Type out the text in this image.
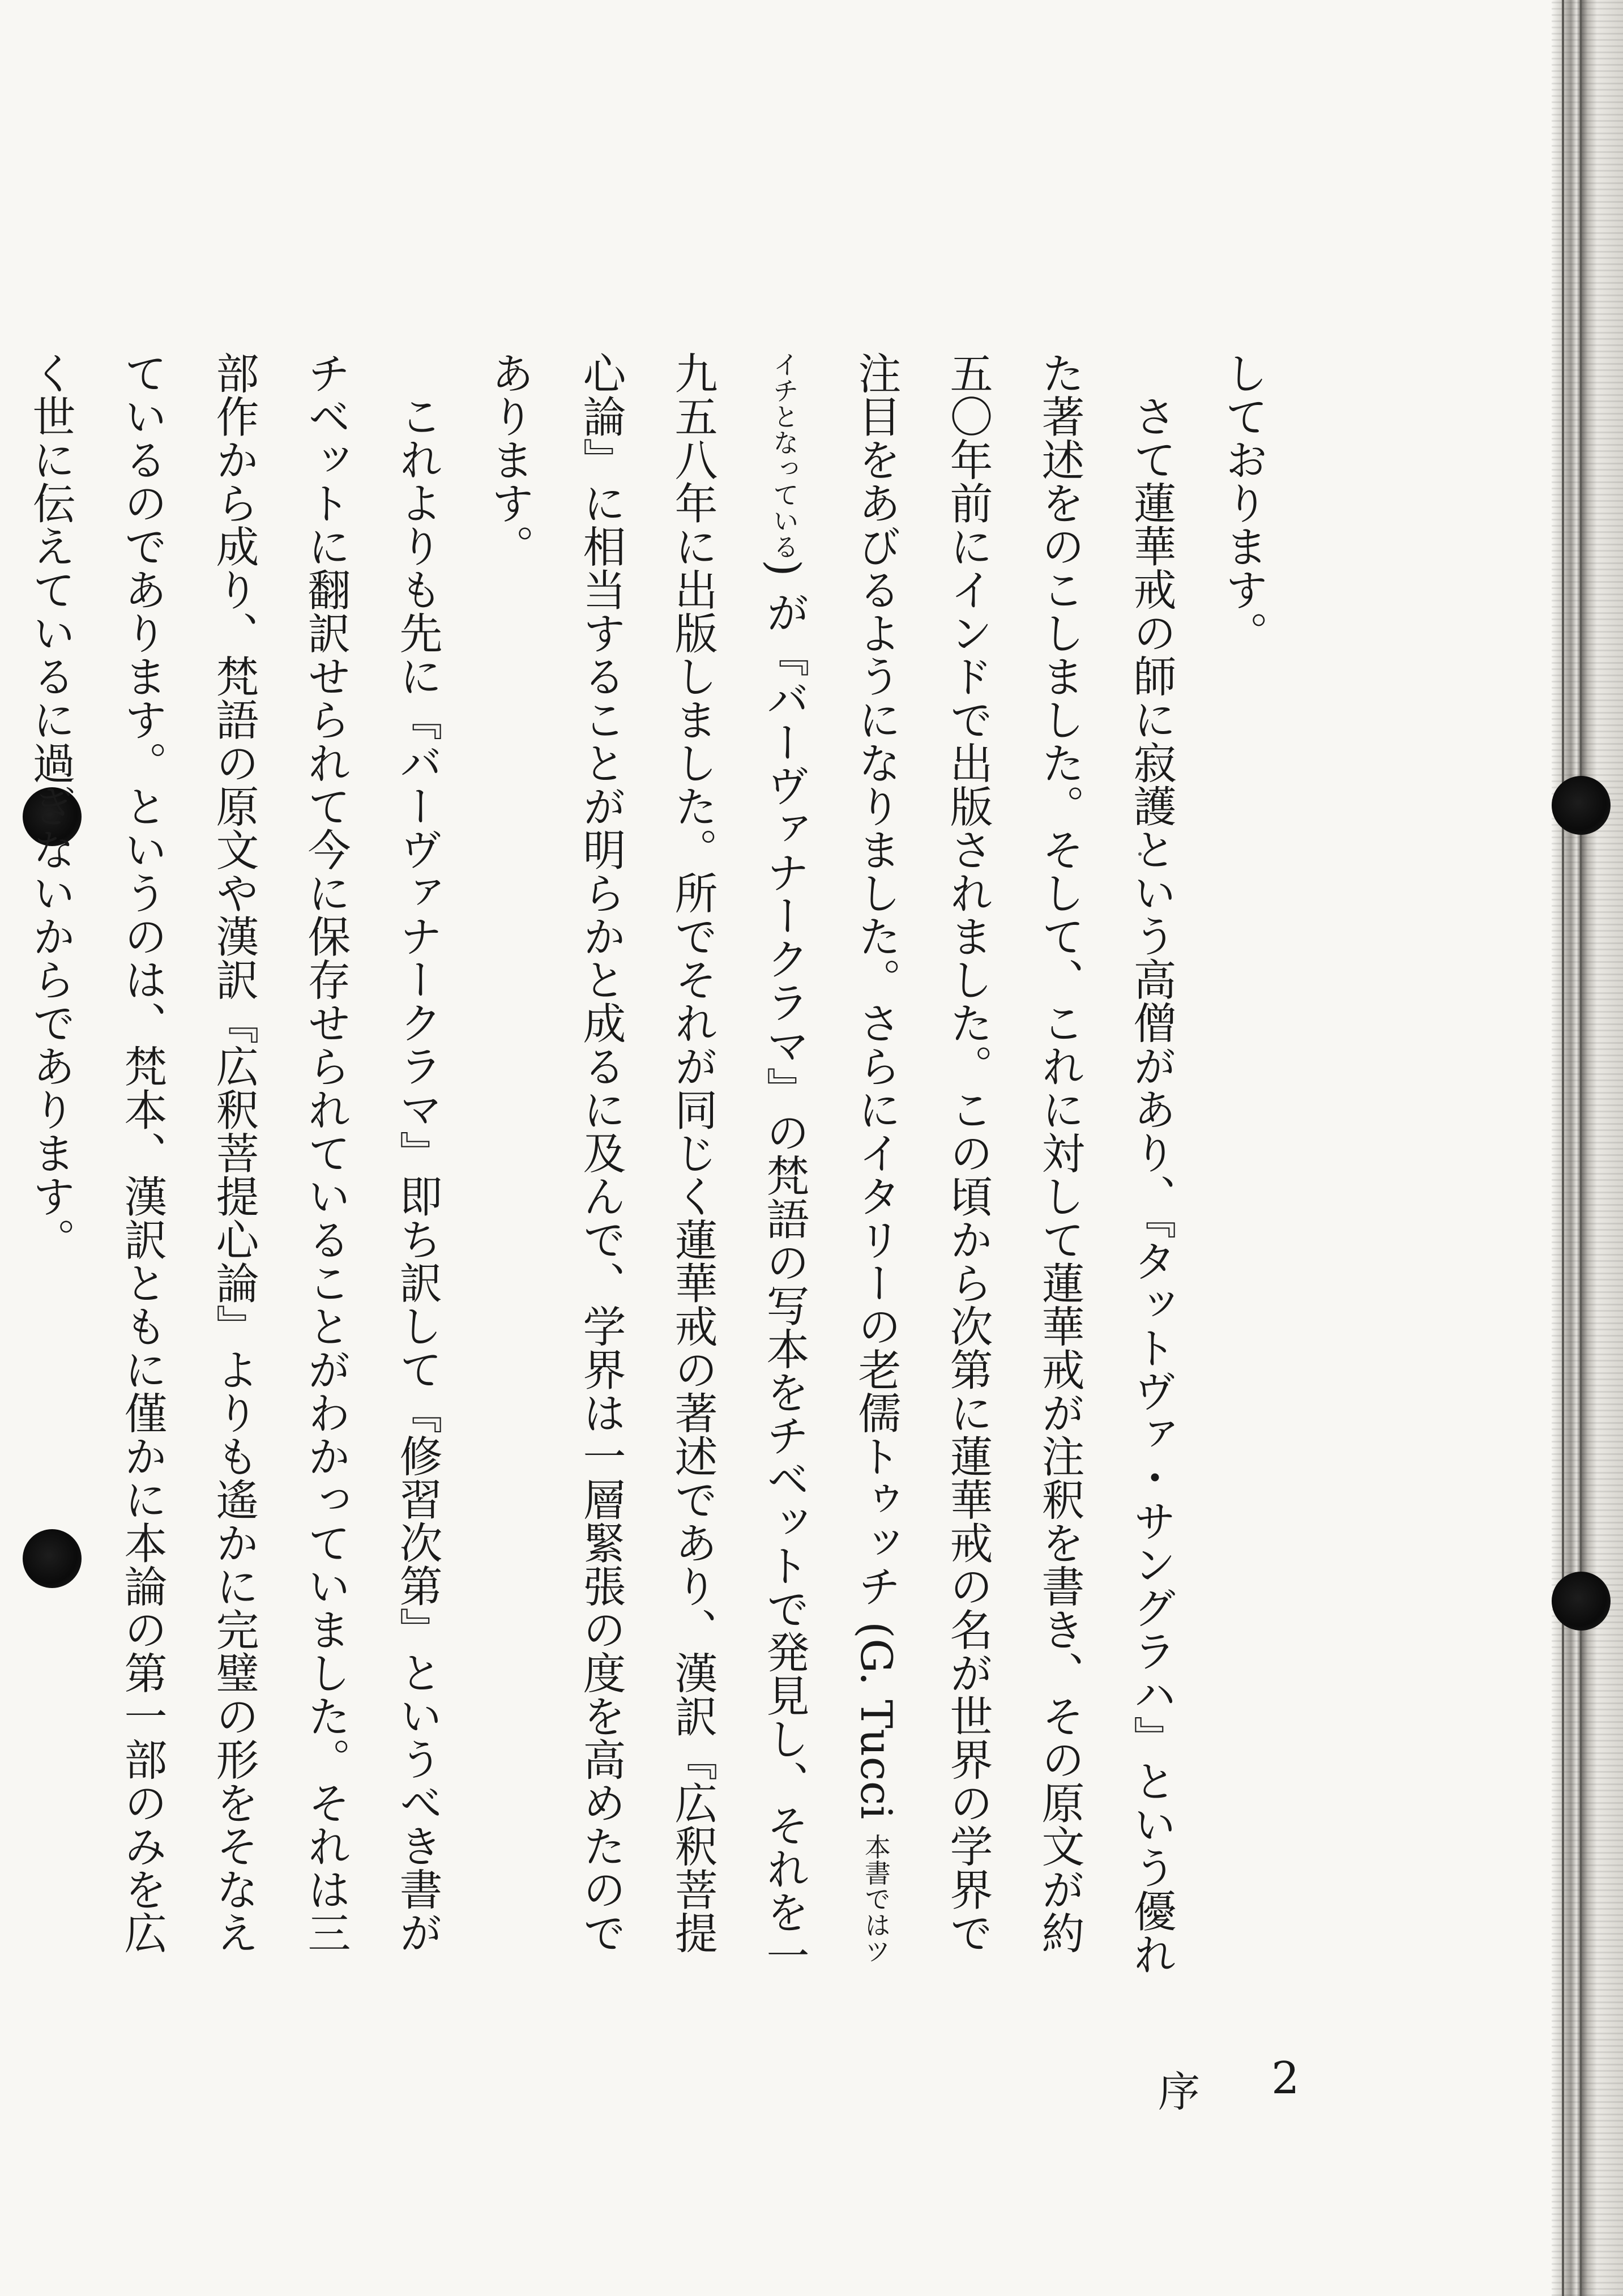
しております。

さて蓮華戒の師に寂護という高僧があり、『タットヴァ・サングラハ』という優れた著述をのこしました。そして、これに対して蓮華戒が注釈を書き、その原文が約五〇年前にインドで出版されました。この頃から次第に蓮華戒の名が世界の学界で注目をあびるようになりました。さらにイタリーの老儒トゥッチ (G. Tucci 本書ではツイチとなっている) が『バーヴァナークラマ』の梵語の写本をチベットで発見し、それを一九五八年に出版しました。所でそれが同じく蓮華戒の著述であり、漢訳『広釈菩提心論』に相当することが明らかと成るに及んで、学界は一層緊張の度を高めたのであります。

これよりも先に『バーヴァナークラマ』即ち訳して『修習次第』というべき書がチベットに翻訳せられて今に保存せられていることがわかっていました。それは三部作から成り、梵語の原文や漢訳『広釈菩提心論』よりも遙かに完璧の形をそなえているのであります。というのは、梵本、漢訳ともに僅かに本論の第一部のみを広く世に伝えているに過ぎないからであります。

序 2
